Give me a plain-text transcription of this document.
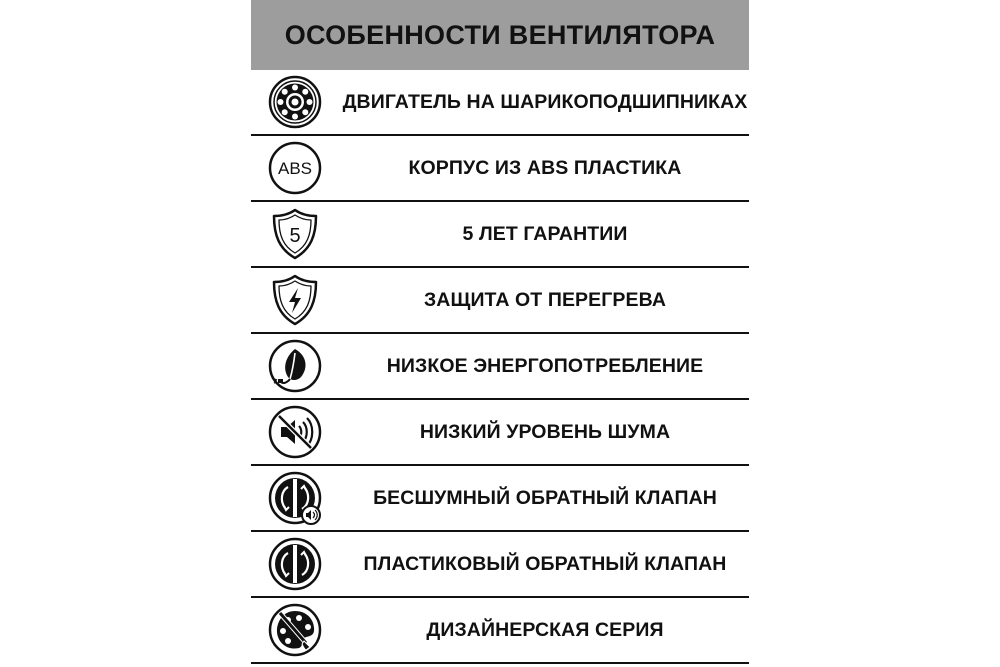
ОСОБЕННОСТИ ВЕНТИЛЯТОРА
ДВИГАТЕЛЬ НА ШАРИКОПОДШИПНИКАХ
ABS	КОРПУС ИЗ ABS ПЛАСТИКА
5	5 ЛЕТ ГАРАНТИИ
ЗАЩИТА ОТ ПЕРЕГРЕВА
НИЗКОЕ ЭНЕРГОПОТРЕБЛЕНИЕ
НИЗКИЙ УРОВЕНЬ ШУМА
БЕСШУМНЫЙ ОБРАТНЫЙ КЛАПАН
ПЛАСТИКОВЫЙ ОБРАТНЫЙ КЛАПАН
ДИЗАЙНЕРСКАЯ СЕРИЯ
